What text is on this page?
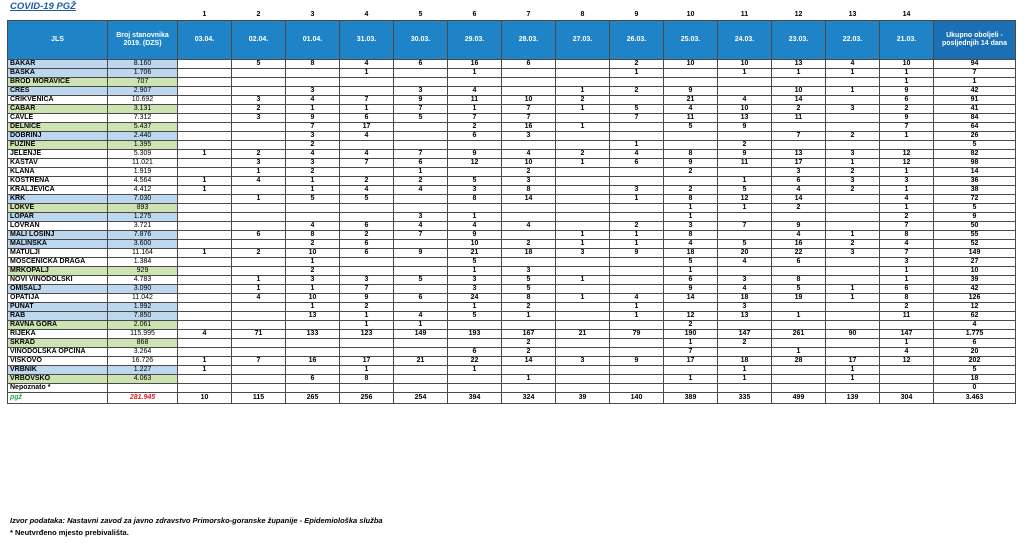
COVID-19 PGŽ
		1	2	3	4	5	6	7	8	9	10	11	12	13	14	
JLS	Broj stanovnika 2019. (DZS)	03.04.	02.04.	01.04.	31.03.	30.03.	29.03.	28.03.	27.03.	26.03.	25.03.	24.03.	23.03.	22.03.	21.03.	Ukupno oboljeli - posljednjih 14 dana
BAKAR	8.160		5	8	4	6	16	6		2	10	10	13	4	10	94
BAŠKA	1.706				1		1			1		1	1	1	1	7
BROD MORAVICE	707														1	1
CRES	2.907			3		3	4		1	2	9		10	1	9	42
CRIKVENICA	10.692		3	4	7	9	11	10	2		21	4	14		6	91
ČABAR	3.131		2	1	1	7	1	7	1	5	4	10	2	3	2	41
ČAVLE	7.312		3	9	6	5	7	7		7	11	13	11		9	84
DELNICE	5.437			7	17		2	16	1		5	9			7	64
DOBRINJ	2.440			3	4		6	3					7	2	1	26
FUŽINE	1.395			2						1		2				5
JELENJE	5.309	1	2	4	4	7	9	4	2	4	8	9	13	3	12	82
KASTAV	11.021		3	3	7	6	12	10	1	6	9	11	17	1	12	98
KLANA	1.919		1	2		1		2			2		3	2	1	14
KOSTRENA	4.564	1	4	1	2	2	5	3				1	6	3	3	36
KRALJEVICA	4.412	1		1	4	4	3	8		3	2	5	4	2	1	38
KRK	7.030		1	5	5		8	14		1	8	12	14		4	72
LOKVE	893										1	1	2		1	5
LOPAR	1.275					3	1				1				2	9
LOVRAN	3.721			4	6	4	4	4		2	3	7	9		7	50
MALI LOŠINJ	7.876		6	8	2	7	9		1	1	8		4	1	8	55
MALINSKA	3.600			2	6		10	2	1	1	4	5	16	2	4	52
MATULJI	11.164	1	2	10	6	9	21	18	3	9	18	20	22	3	7	149
MOŠĆENIČKA DRAGA	1.384			1			5				5	4	6		3	27
MRKOPALJ	929			2			1	3			1				1	10
NOVI VINODOLSKI	4.783		1	3	3	5	3	5	1		6	3	8		1	39
OMIŠALJ	3.090		1	1	7		3	5			9	4	5	1	6	42
OPATIJA	11.042		4	10	9	6	24	8	1	4	14	18	19	1	8	126
PUNAT	1.992			1	2		1	2		1		3			2	12
RAB	7.850			13	1	4	5	1		1	12	13	1		11	62
RAVNA GORA	2.061				1	1					2					4
RIJEKA	115.995	4	71	133	123	149	193	167	21	79	190	147	261	90	147	1.775
SKRAD	868							2			1	2			1	6
VINODOLSKA OPĆINA	3.264						6	2			7		1		4	20
VIŠKOVO	16.726	1	7	16	17	21	22	14	3	9	17	18	28	17	12	202
VRBNIK	1.227	1			1		1					1		1		5
VRBOVSKO	4.063			6	8			1			1	1		1		18
Nepoznato *																0
pgž	281.945	10	115	265	256	254	394	324	39	140	389	335	499	139	304	3.463
Izvor podataka: Nastavni zavod za javno zdravstvo Primorsko-goranske županije - Epidemiološka služba
* Neutvrđeno mjesto prebivališta.
